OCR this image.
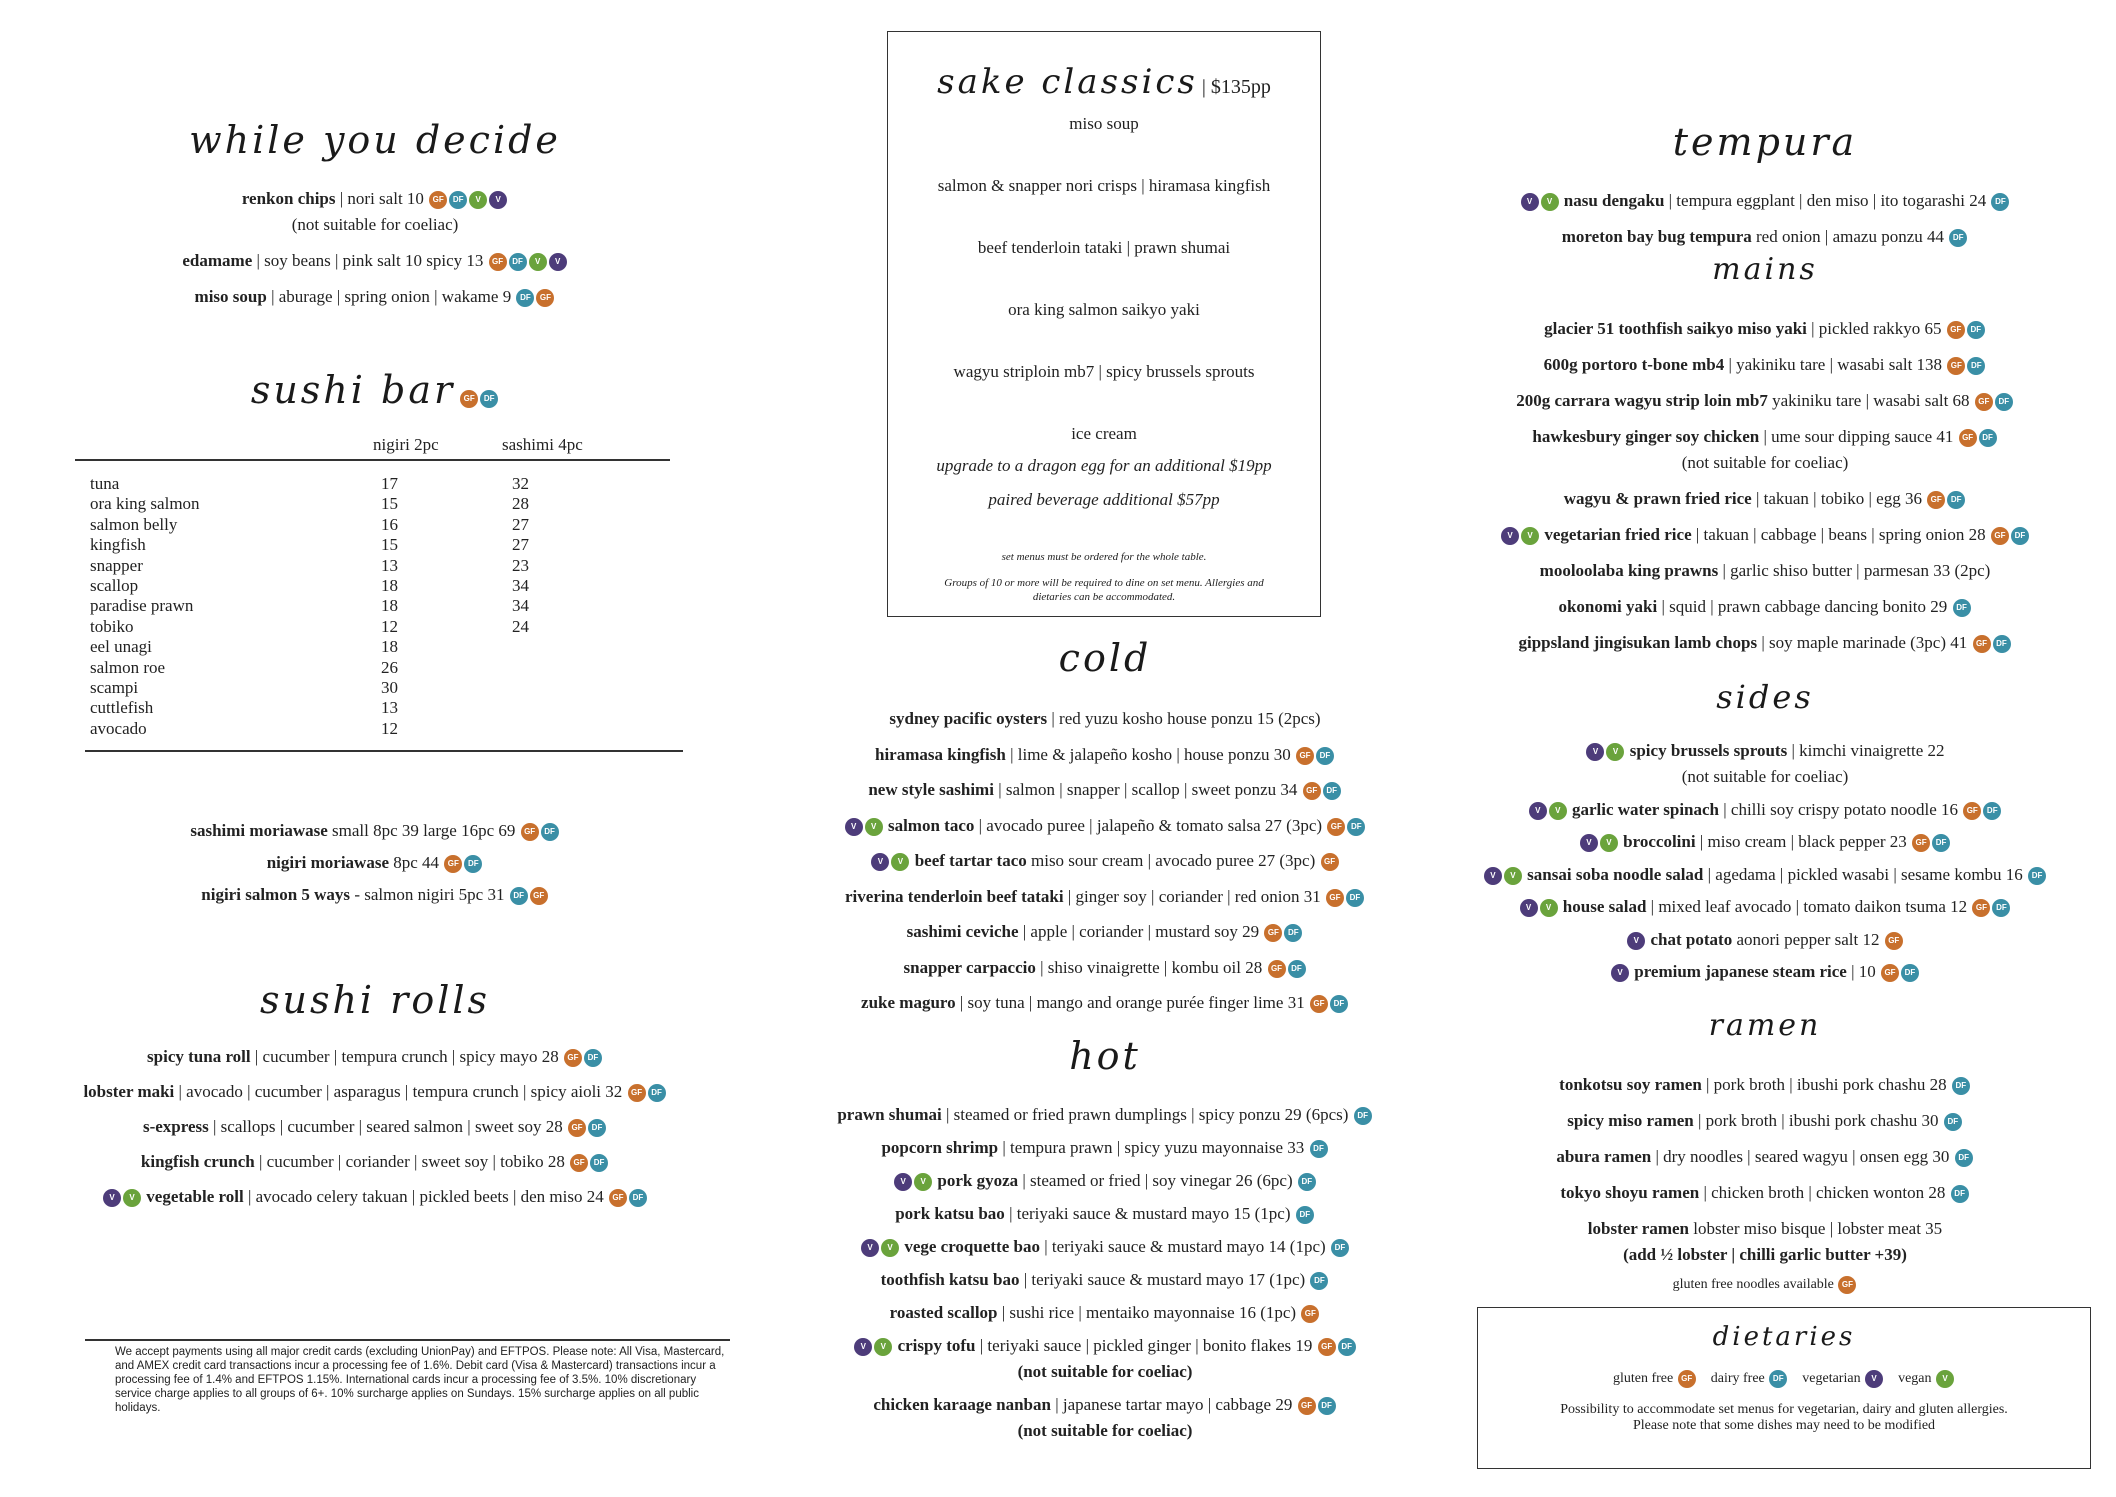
while you decide
renkon chips | nori salt 10 GF DF V V
(not suitable for coeliac)
edamame | soy beans | pink salt 10 spicy 13 GF DF V V
miso soup | aburage | spring onion | wakame 9 DF GF
sushi bar GF DF
nigiri 2pc	sashimi 4pc
tuna	17	32
ora king salmon	15	28
salmon belly	16	27
kingfish	15	27
snapper	13	23
scallop	18	34
paradise prawn	18	34
tobiko	12	24
eel unagi	18
salmon roe	26
scampi	30
cuttlefish	13
avocado	12
sashimi moriawase small 8pc 39 large 16pc 69 GF DF
nigiri moriawase 8pc 44 GF DF
nigiri salmon 5 ways - salmon nigiri 5pc 31 DF GF
sushi rolls
spicy tuna roll | cucumber | tempura crunch | spicy mayo 28 GF DF
lobster maki | avocado | cucumber | asparagus | tempura crunch | spicy aioli 32 GF DF
s-express | scallops | cucumber | seared salmon | sweet soy 28 GF DF
kingfish crunch | cucumber | coriander | sweet soy | tobiko 28 GF DF
V V vegetable roll | avocado celery takuan | pickled beets | den miso 24 GF DF
We accept payments using all major credit cards (excluding UnionPay) and EFTPOS. Please note: All Visa, Mastercard, and AMEX credit card transactions incur a processing fee of 1.6%. Debit card (Visa & Mastercard) transactions incur a processing fee of 1.4% and EFTPOS 1.15%. International cards incur a processing fee of 3.5%. 10% discretionary service charge applies to all groups of 6+. 10% surcharge applies on Sundays. 15% surcharge applies on all public holidays.
sake classics | $135pp
miso soup
salmon & snapper nori crisps | hiramasa kingfish
beef tenderloin tataki | prawn shumai
ora king salmon saikyo yaki
wagyu striploin mb7 | spicy brussels sprouts
ice cream
upgrade to a dragon egg for an additional $19pp
paired beverage additional $57pp
set menus must be ordered for the whole table.
Groups of 10 or more will be required to dine on set menu. Allergies and dietaries can be accommodated.
cold
sydney pacific oysters | red yuzu kosho house ponzu 15 (2pcs)
hiramasa kingfish | lime & jalapeño kosho | house ponzu 30 GF DF
new style sashimi | salmon | snapper | scallop | sweet ponzu 34 GF DF
V V salmon taco | avocado puree | jalapeño & tomato salsa 27 (3pc) GF DF
V V beef tartar taco miso sour cream | avocado puree 27 (3pc) GF
riverina tenderloin beef tataki | ginger soy | coriander | red onion 31 GF DF
sashimi ceviche | apple | coriander | mustard soy 29 GF DF
snapper carpaccio | shiso vinaigrette | kombu oil 28 GF DF
zuke maguro | soy tuna | mango and orange purée finger lime 31 GF DF
hot
prawn shumai | steamed or fried prawn dumplings | spicy ponzu 29 (6pcs) DF
popcorn shrimp | tempura prawn | spicy yuzu mayonnaise 33 DF
V V pork gyoza | steamed or fried | soy vinegar 26 (6pc) DF
pork katsu bao | teriyaki sauce & mustard mayo 15 (1pc) DF
V V vege croquette bao | teriyaki sauce & mustard mayo 14 (1pc) DF
toothfish katsu bao | teriyaki sauce & mustard mayo 17 (1pc) DF
roasted scallop | sushi rice | mentaiko mayonnaise 16 (1pc) GF
V V crispy tofu | teriyaki sauce | pickled ginger | bonito flakes 19 GF DF
(not suitable for coeliac)
chicken karaage nanban | japanese tartar mayo | cabbage 29 GF DF
(not suitable for coeliac)
tempura
V V nasu dengaku | tempura eggplant | den miso | ito togarashi 24 DF
moreton bay bug tempura red onion | amazu ponzu 44 DF
mains
glacier 51 toothfish saikyo miso yaki | pickled rakkyo 65 GF DF
600g portoro t-bone mb4 | yakiniku tare | wasabi salt 138 GF DF
200g carrara wagyu strip loin mb7 yakiniku tare | wasabi salt 68 GF DF
hawkesbury ginger soy chicken | ume sour dipping sauce 41 GF DF
(not suitable for coeliac)
wagyu & prawn fried rice | takuan | tobiko | egg 36 GF DF
V V vegetarian fried rice | takuan | cabbage | beans | spring onion 28 GF DF
mooloolaba king prawns | garlic shiso butter | parmesan 33 (2pc)
okonomi yaki | squid | prawn cabbage dancing bonito 29 DF
gippsland jingisukan lamb chops | soy maple marinade (3pc) 41 GF DF
sides
V V spicy brussels sprouts | kimchi vinaigrette 22
(not suitable for coeliac)
V V garlic water spinach | chilli soy crispy potato noodle 16 GF DF
V V broccolini | miso cream | black pepper 23 GF DF
V V sansai soba noodle salad | agedama | pickled wasabi | sesame kombu 16 DF
V V house salad | mixed leaf avocado | tomato daikon tsuma 12 GF DF
V chat potato aonori pepper salt 12 GF
V premium japanese steam rice | 10 GF DF
ramen
tonkotsu soy ramen | pork broth | ibushi pork chashu 28 DF
spicy miso ramen | pork broth | ibushi pork chashu 30 DF
abura ramen | dry noodles | seared wagyu | onsen egg 30 DF
tokyo shoyu ramen | chicken broth | chicken wonton 28 DF
lobster ramen lobster miso bisque | lobster meat 35
(add ½ lobster | chilli garlic butter +39)
gluten free noodles available GF
dietaries
gluten free GF dairy free DF vegetarian V vegan V
Possibility to accommodate set menus for vegetarian, dairy and gluten allergies.
Please note that some dishes may need to be modified
